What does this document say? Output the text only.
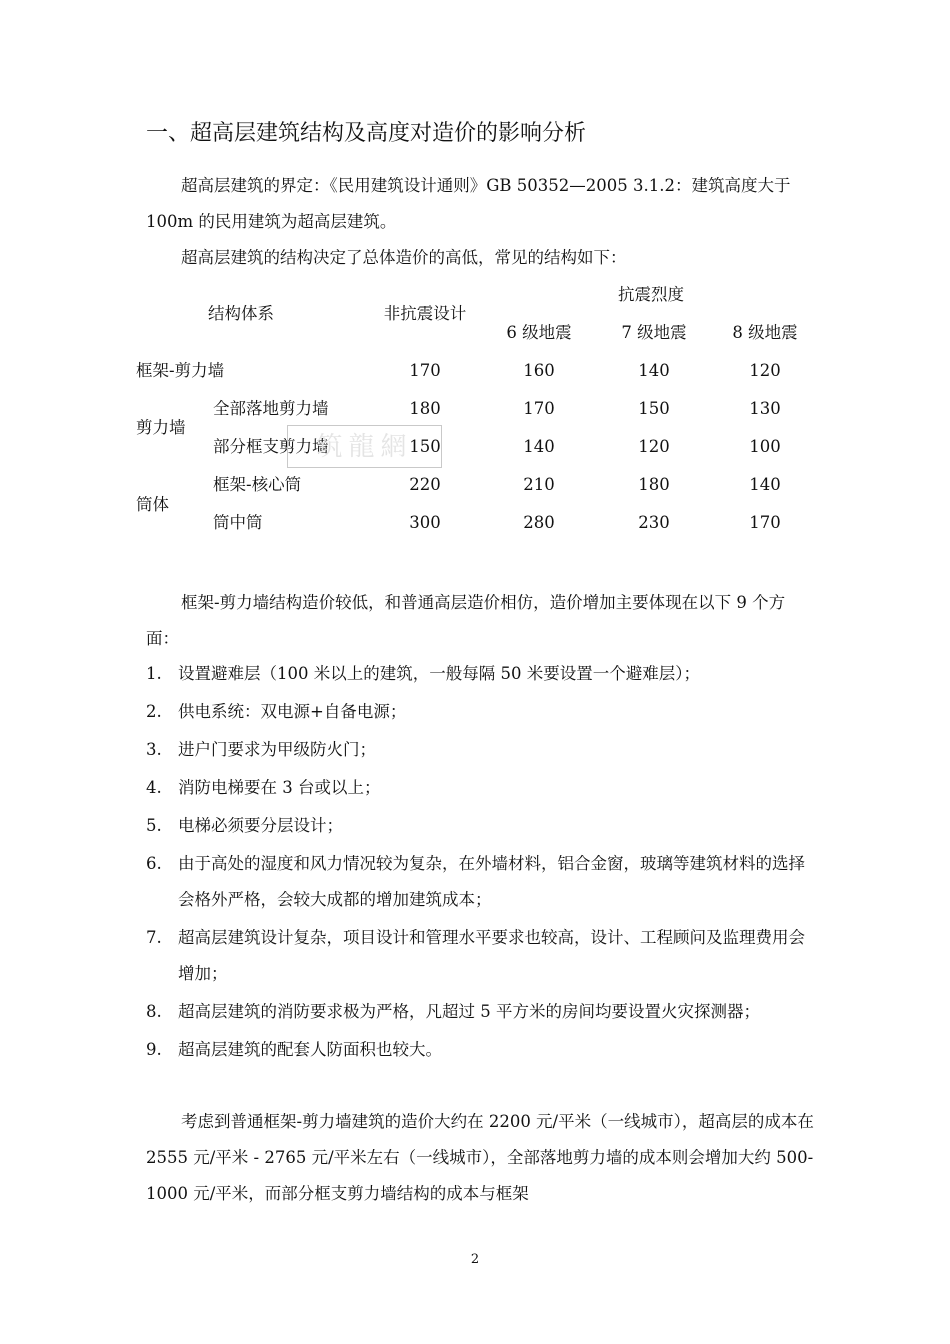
一、超高层建筑结构及高度对造价的影响分析
超高层建筑的界定：《民用建筑设计通则》GB 50352—2005 3.1.2：建筑高度大于 100m 的民用建筑为超高层建筑。
超高层建筑的结构决定了总体造价的高低，常见的结构如下：
结构体系	非抗震设计
抗震烈度
6 级地震	7 级地震	8 级地震
框架-剪力墙	170	160	140	120
剪力墙
全部落地剪力墙	180	170	150	130
部分框支剪力墙	150	140	120	100
筒体
框架-核心筒	220	210	180	140
筒中筒	300	280	230	170
筑龍網
框架-剪力墙结构造价较低，和普通高层造价相仿，造价增加主要体现在以下 9 个方面：
1. 设置避难层（100 米以上的建筑，一般每隔 50 米要设置一个避难层）；
2. 供电系统：双电源+自备电源；
3. 进户门要求为甲级防火门；
4. 消防电梯要在 3 台或以上；
5. 电梯必须要分层设计；
6. 由于高处的湿度和风力情况较为复杂，在外墙材料，铝合金窗，玻璃等建筑材料的选择会格外严格，会较大成都的增加建筑成本；
7. 超高层建筑设计复杂，项目设计和管理水平要求也较高，设计、工程顾问及监理费用会增加；
8. 超高层建筑的消防要求极为严格，凡超过 5 平方米的房间均要设置火灾探测器；
9. 超高层建筑的配套人防面积也较大。
考虑到普通框架-剪力墙建筑的造价大约在 2200 元/平米（一线城市），超高层的成本在 2555 元/平米 - 2765 元/平米左右（一线城市），全部落地剪力墙的成本则会增加大约 500-1000 元/平米，而部分框支剪力墙结构的成本与框架
2
